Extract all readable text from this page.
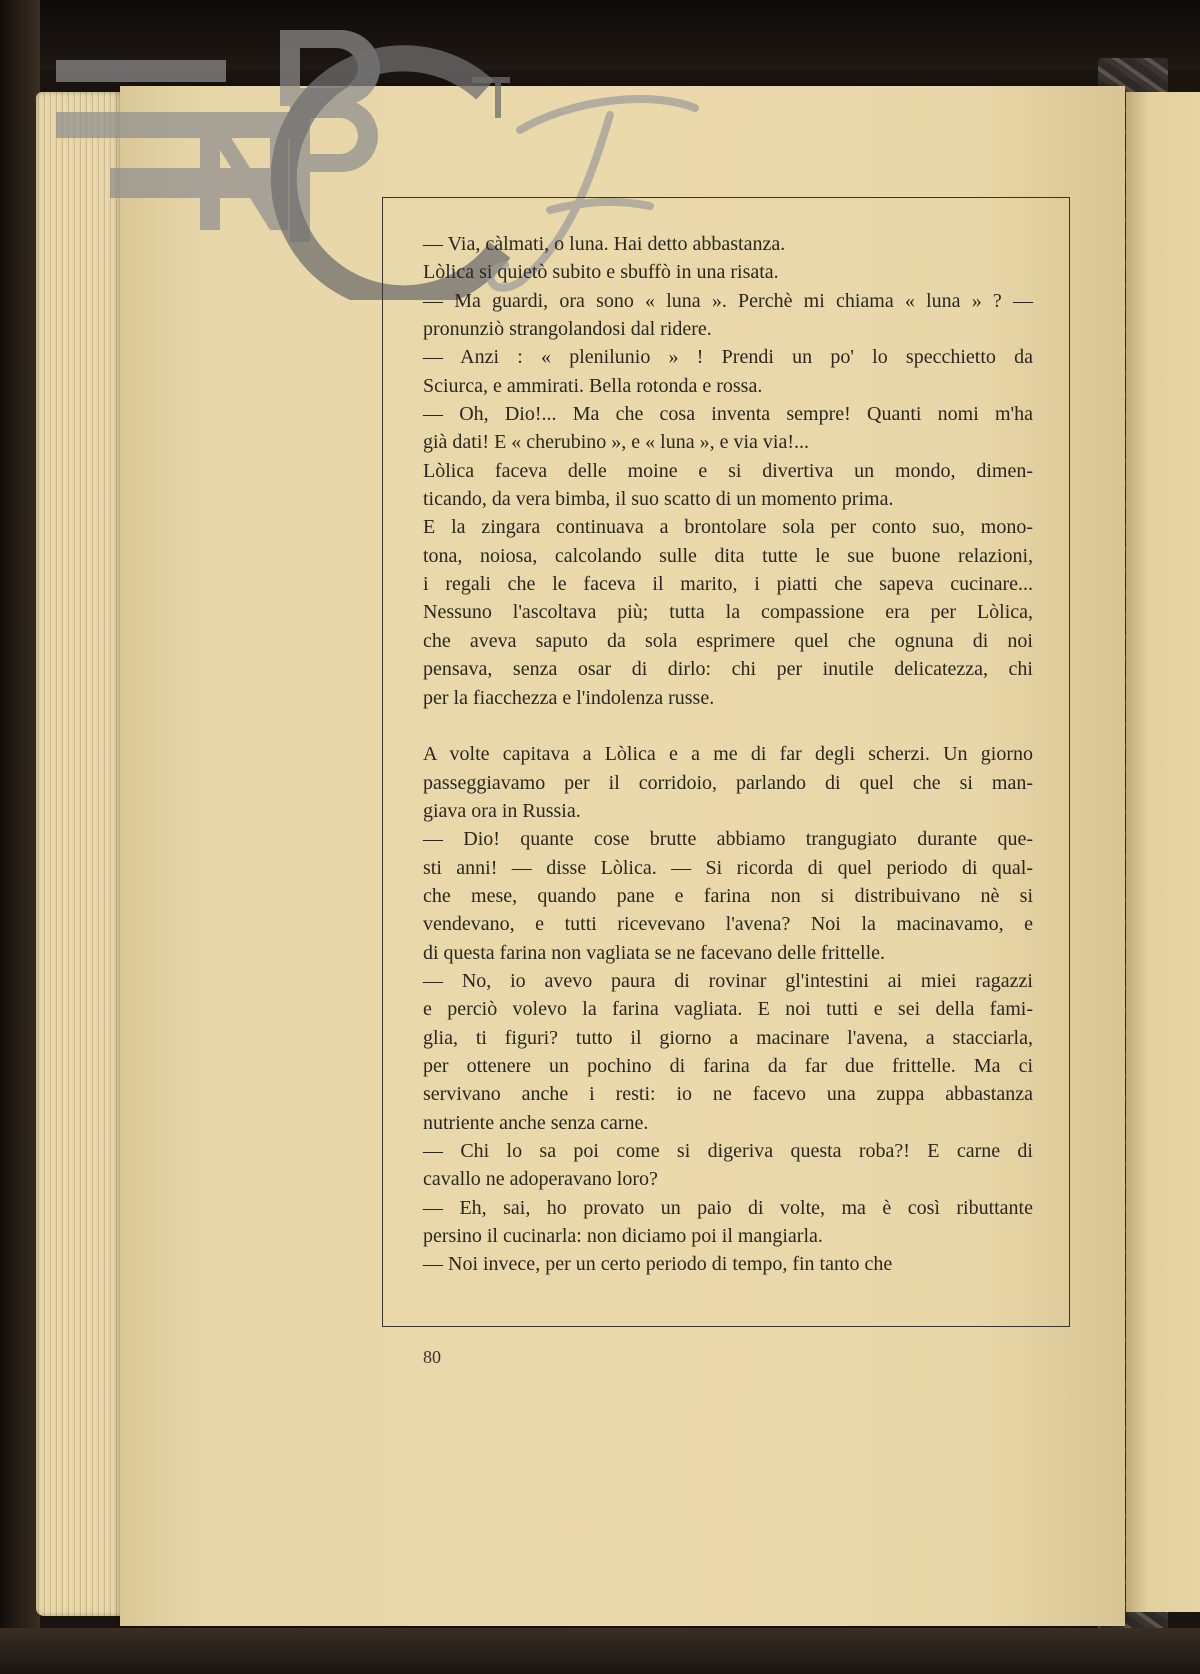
— Via, càlmati, o luna. Hai detto abbastanza.
Lòlica si quietò subito e sbuffò in una risata.
— Ma guardi, ora sono « luna ». Perchè mi chiama « luna » ? —
pronunziò strangolandosi dal ridere.
— Anzi : « plenilunio » ! Prendi un po' lo specchietto da
Sciurca, e ammirati. Bella rotonda e rossa.
— Oh, Dio!... Ma che cosa inventa sempre! Quanti nomi m'ha
già dati! E « cherubino », e « luna », e via via!...
Lòlica faceva delle moine e si divertiva un mondo, dimen-
ticando, da vera bimba, il suo scatto di un momento prima.
E la zingara continuava a brontolare sola per conto suo, mono-
tona, noiosa, calcolando sulle dita tutte le sue buone relazioni,
i regali che le faceva il marito, i piatti che sapeva cucinare...
Nessuno l'ascoltava più; tutta la compassione era per Lòlica,
che aveva saputo da sola esprimere quel che ognuna di noi
pensava, senza osar di dirlo: chi per inutile delicatezza, chi
per la fiacchezza e l'indolenza russe.
A volte capitava a Lòlica e a me di far degli scherzi. Un giorno
passeggiavamo per il corridoio, parlando di quel che si man-
giava ora in Russia.
— Dio! quante cose brutte abbiamo trangugiato durante que-
sti anni! — disse Lòlica. — Si ricorda di quel periodo di qual-
che mese, quando pane e farina non si distribuivano nè si
vendevano, e tutti ricevevano l'avena? Noi la macinavamo, e
di questa farina non vagliata se ne facevano delle frittelle.
— No, io avevo paura di rovinar gl'intestini ai miei ragazzi
e perciò volevo la farina vagliata. E noi tutti e sei della fami-
glia, ti figuri? tutto il giorno a macinare l'avena, a stacciarla,
per ottenere un pochino di farina da far due frittelle. Ma ci
servivano anche i resti: io ne facevo una zuppa abbastanza
nutriente anche senza carne.
— Chi lo sa poi come si digeriva questa roba?! E carne di
cavallo ne adoperavano loro?
— Eh, sai, ho provato un paio di volte, ma è così ributtante
persino il cucinarla: non diciamo poi il mangiarla.
— Noi invece, per un certo periodo di tempo, fin tanto che
80
